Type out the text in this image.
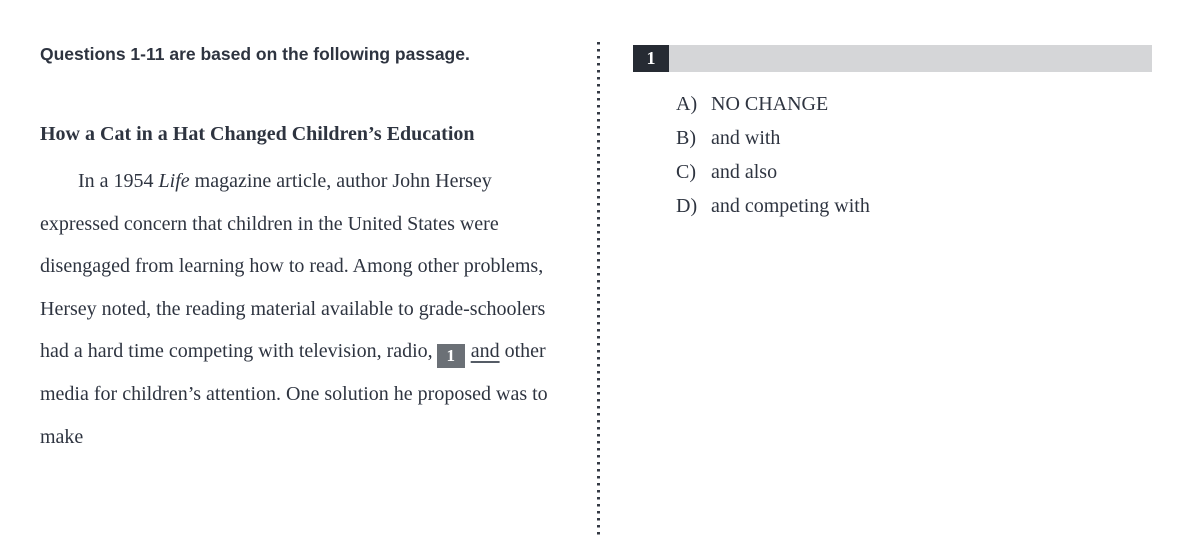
Questions 1-11 are based on the following passage.
How a Cat in a Hat Changed Children’s Education

In a 1954 Life magazine article, author John Hersey expressed concern that children in the United States were disengaged from learning how to read. Among other problems, Hersey noted, the reading material available to grade-schoolers had a hard time competing with television, radio, 1 and other media for children’s attention. One solution he proposed was to make

1
A) NO CHANGE
B) and with
C) and also
D) and competing with
